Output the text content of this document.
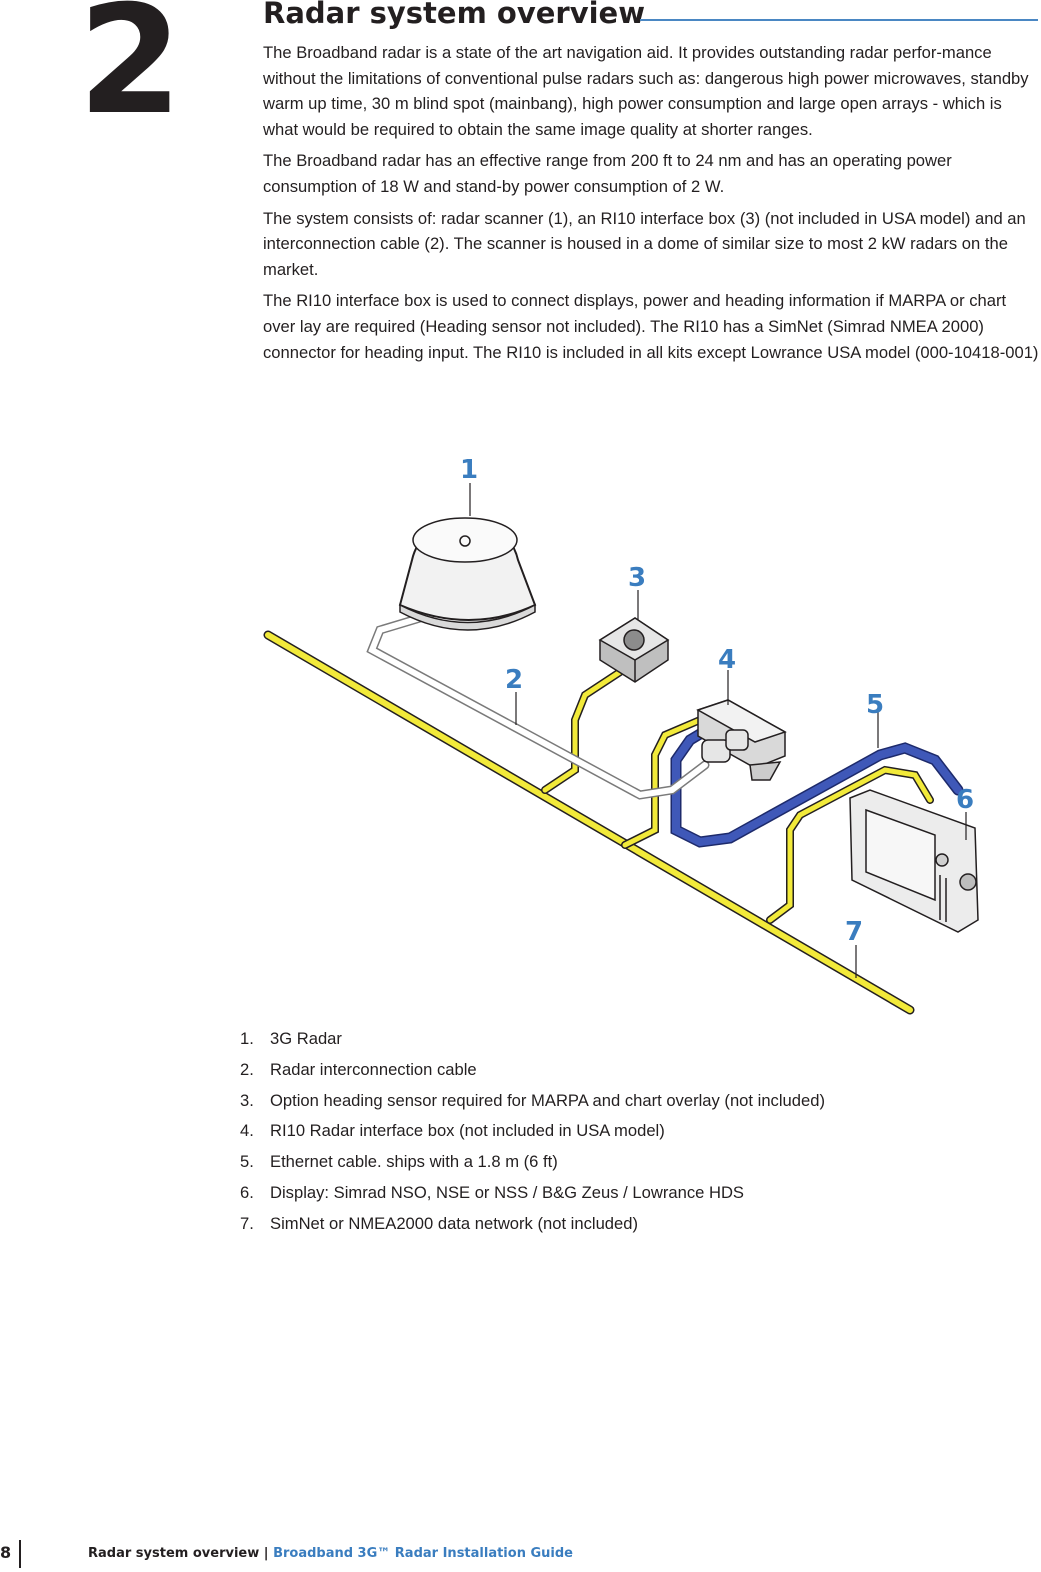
2	Radar system overview

The Broadband radar is a state of the art navigation aid. It provides outstanding radar perfor-mance without the limitations of conventional pulse radars such as: dangerous high power microwaves, standby warm up time, 30 m blind spot (mainbang), high power consumption and large open arrays - which is what would be required to obtain the same image quality at shorter ranges.

The Broadband radar has an effective range from 200 ft to 24 nm and has an operating power consumption of 18 W and stand-by power consumption of 2 W.

The system consists of: radar scanner (1), an RI10 interface box (3) (not included in USA model) and an interconnection cable (2). The scanner is housed in a dome of similar size to most 2 kW radars on the market.

The RI10 interface box is used to connect displays, power and heading information if MARPA or chart over lay are required (Heading sensor not included). The RI10 has a SimNet (Simrad NMEA 2000) connector for heading input. The RI10 is included in all kits except Lowrance USA model (000-10418-001)

1
2
3
4
5
6
7
1. 3G Radar
2. Radar interconnection cable
3. Option heading sensor required for MARPA and chart overlay (not included)
4. RI10 Radar interface box (not included in USA model)
5. Ethernet cable. ships with a 1.8 m (6 ft)
6. Display: Simrad NSO, NSE or NSS / B&G Zeus / Lowrance HDS
7. SimNet or NMEA2000 data network (not included)
8	Radar system overview | Broadband 3G™ Radar Installation Guide
